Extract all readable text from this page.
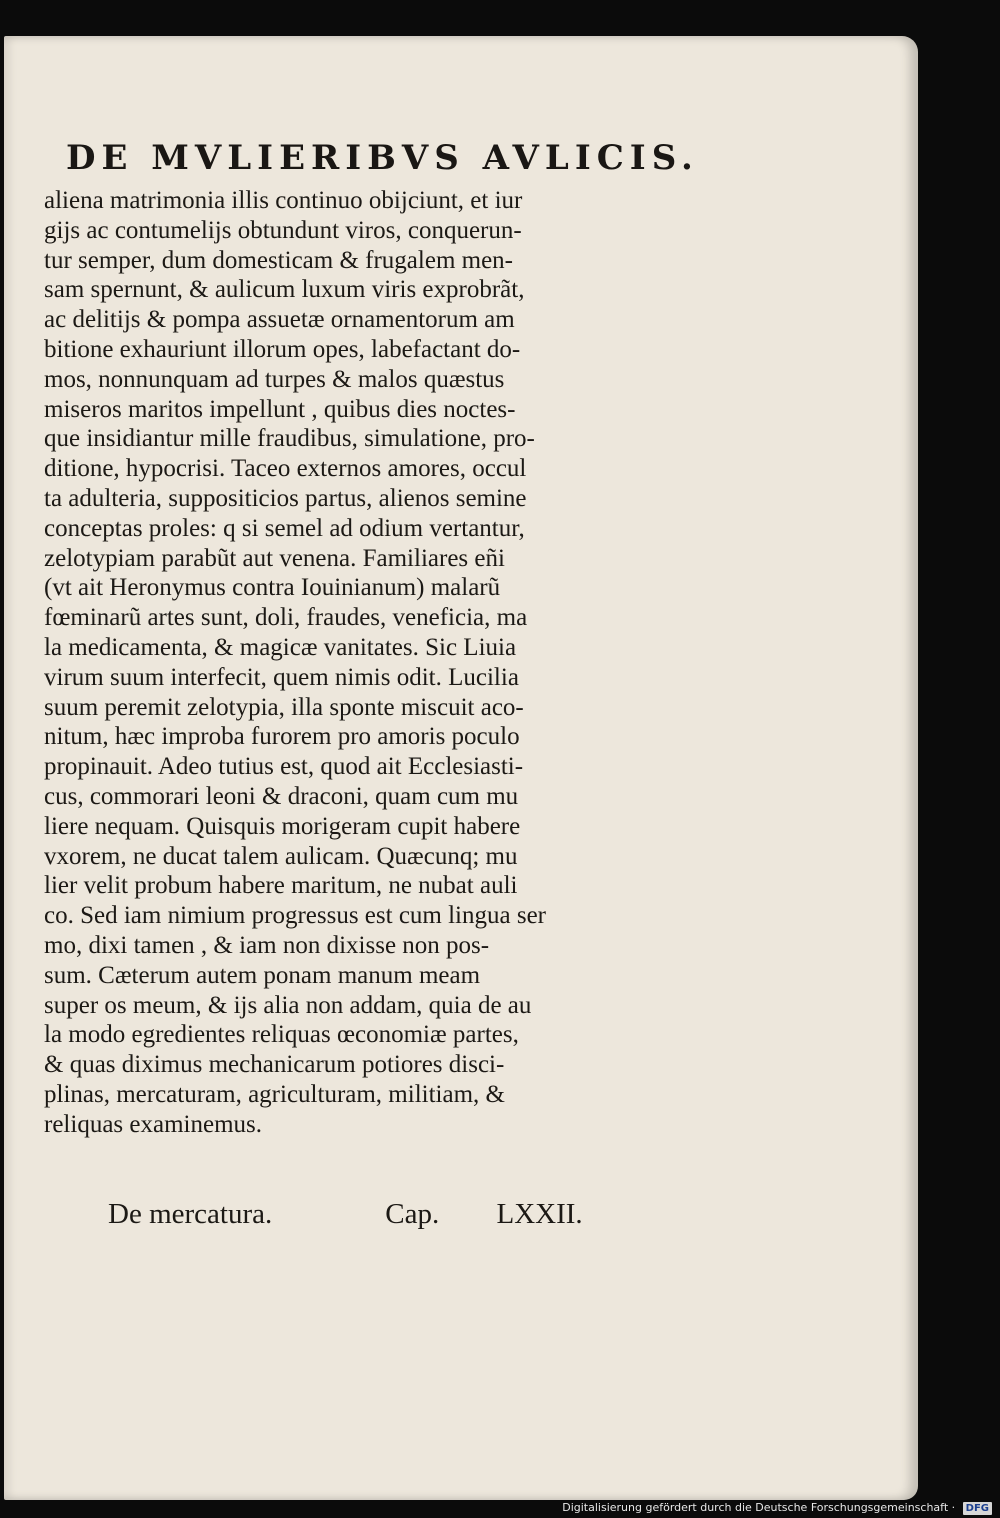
DE MVLIERIBVS AVLICIS.
aliena matrimonia illis continuo obijciunt, et iur
gijs ac contumelijs obtundunt viros, conquerun-
tur semper, dum domesticam & frugalem men-
sam spernunt, & aulicum luxum viris exprobrãt,
ac delitijs & pompa assuetæ ornamentorum am
bitione exhauriunt illorum opes, labefactant do-
mos, nonnunquam ad turpes & malos quæstus
miseros maritos impellunt , quibus dies noctes-
que insidiantur mille fraudibus, simulatione, pro-
ditione, hypocrisi. Taceo externos amores, occul
ta adulteria, suppositicios partus, alienos semine
conceptas proles: q si semel ad odium vertantur,
zelotypiam parabũt aut venena. Familiares eñi
(vt ait Heronymus contra Iouinianum) malarũ
fœminarũ artes sunt, doli, fraudes, veneficia, ma
la medicamenta, & magicæ vanitates. Sic Liuia
virum suum interfecit, quem nimis odit. Lucilia
suum peremit zelotypia, illa sponte miscuit aco-
nitum, hæc improba furorem pro amoris poculo
propinauit. Adeo tutius est, quod ait Ecclesiasti-
cus, commorari leoni & draconi, quam cum mu
liere nequam. Quisquis morigeram cupit habere
vxorem, ne ducat talem aulicam. Quæcunq; mu
lier velit probum habere maritum, ne nubat auli
co. Sed iam nimium progressus est cum lingua ser
mo, dixi tamen , & iam non dixisse non pos-
sum. Cæterum autem ponam manum meam
super os meum, & ijs alia non addam, quia de au
la modo egredientes reliquas œconomiæ partes,
& quas diximus mechanicarum potiores disci-
plinas, mercaturam, agriculturam, militiam, &
reliquas examinemus.
De mercatura.	Cap. LXXII.
Digitalisierung gefördert durch die Deutsche Forschungsgemeinschaft · DFG
